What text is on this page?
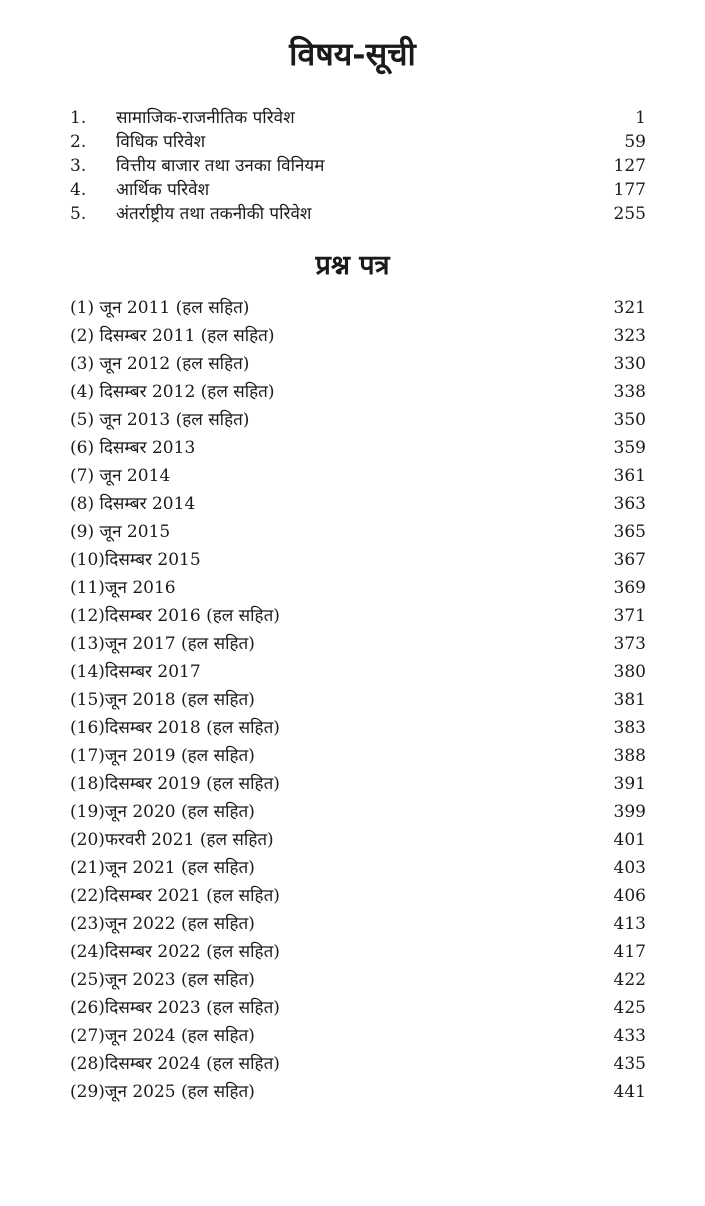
विषय-सूची
1.	सामाजिक-राजनीतिक परिवेश	1
2.	विधिक परिवेश	59
3.	वित्तीय बाजार तथा उनका विनियम	127
4.	आर्थिक परिवेश	177
5.	अंतर्राष्ट्रीय तथा तकनीकी परिवेश	255
प्रश्न पत्र
(1) जून 2011 (हल सहित)	321
(2) दिसम्बर 2011 (हल सहित)	323
(3) जून 2012 (हल सहित)	330
(4) दिसम्बर 2012 (हल सहित)	338
(5) जून 2013 (हल सहित)	350
(6) दिसम्बर 2013	359
(7) जून 2014	361
(8) दिसम्बर 2014	363
(9) जून 2015	365
(10)दिसम्बर 2015	367
(11)जून 2016	369
(12)दिसम्बर 2016 (हल सहित)	371
(13)जून 2017 (हल सहित)	373
(14)दिसम्बर 2017	380
(15)जून 2018 (हल सहित)	381
(16)दिसम्बर 2018 (हल सहित)	383
(17)जून 2019 (हल सहित)	388
(18)दिसम्बर 2019 (हल सहित)	391
(19)जून 2020 (हल सहित)	399
(20)फरवरी 2021 (हल सहित)	401
(21)जून 2021 (हल सहित)	403
(22)दिसम्बर 2021 (हल सहित)	406
(23)जून 2022 (हल सहित)	413
(24)दिसम्बर 2022 (हल सहित)	417
(25)जून 2023 (हल सहित)	422
(26)दिसम्बर 2023 (हल सहित)	425
(27)जून 2024 (हल सहित)	433
(28)दिसम्बर 2024 (हल सहित)	435
(29)जून 2025 (हल सहित)	441
